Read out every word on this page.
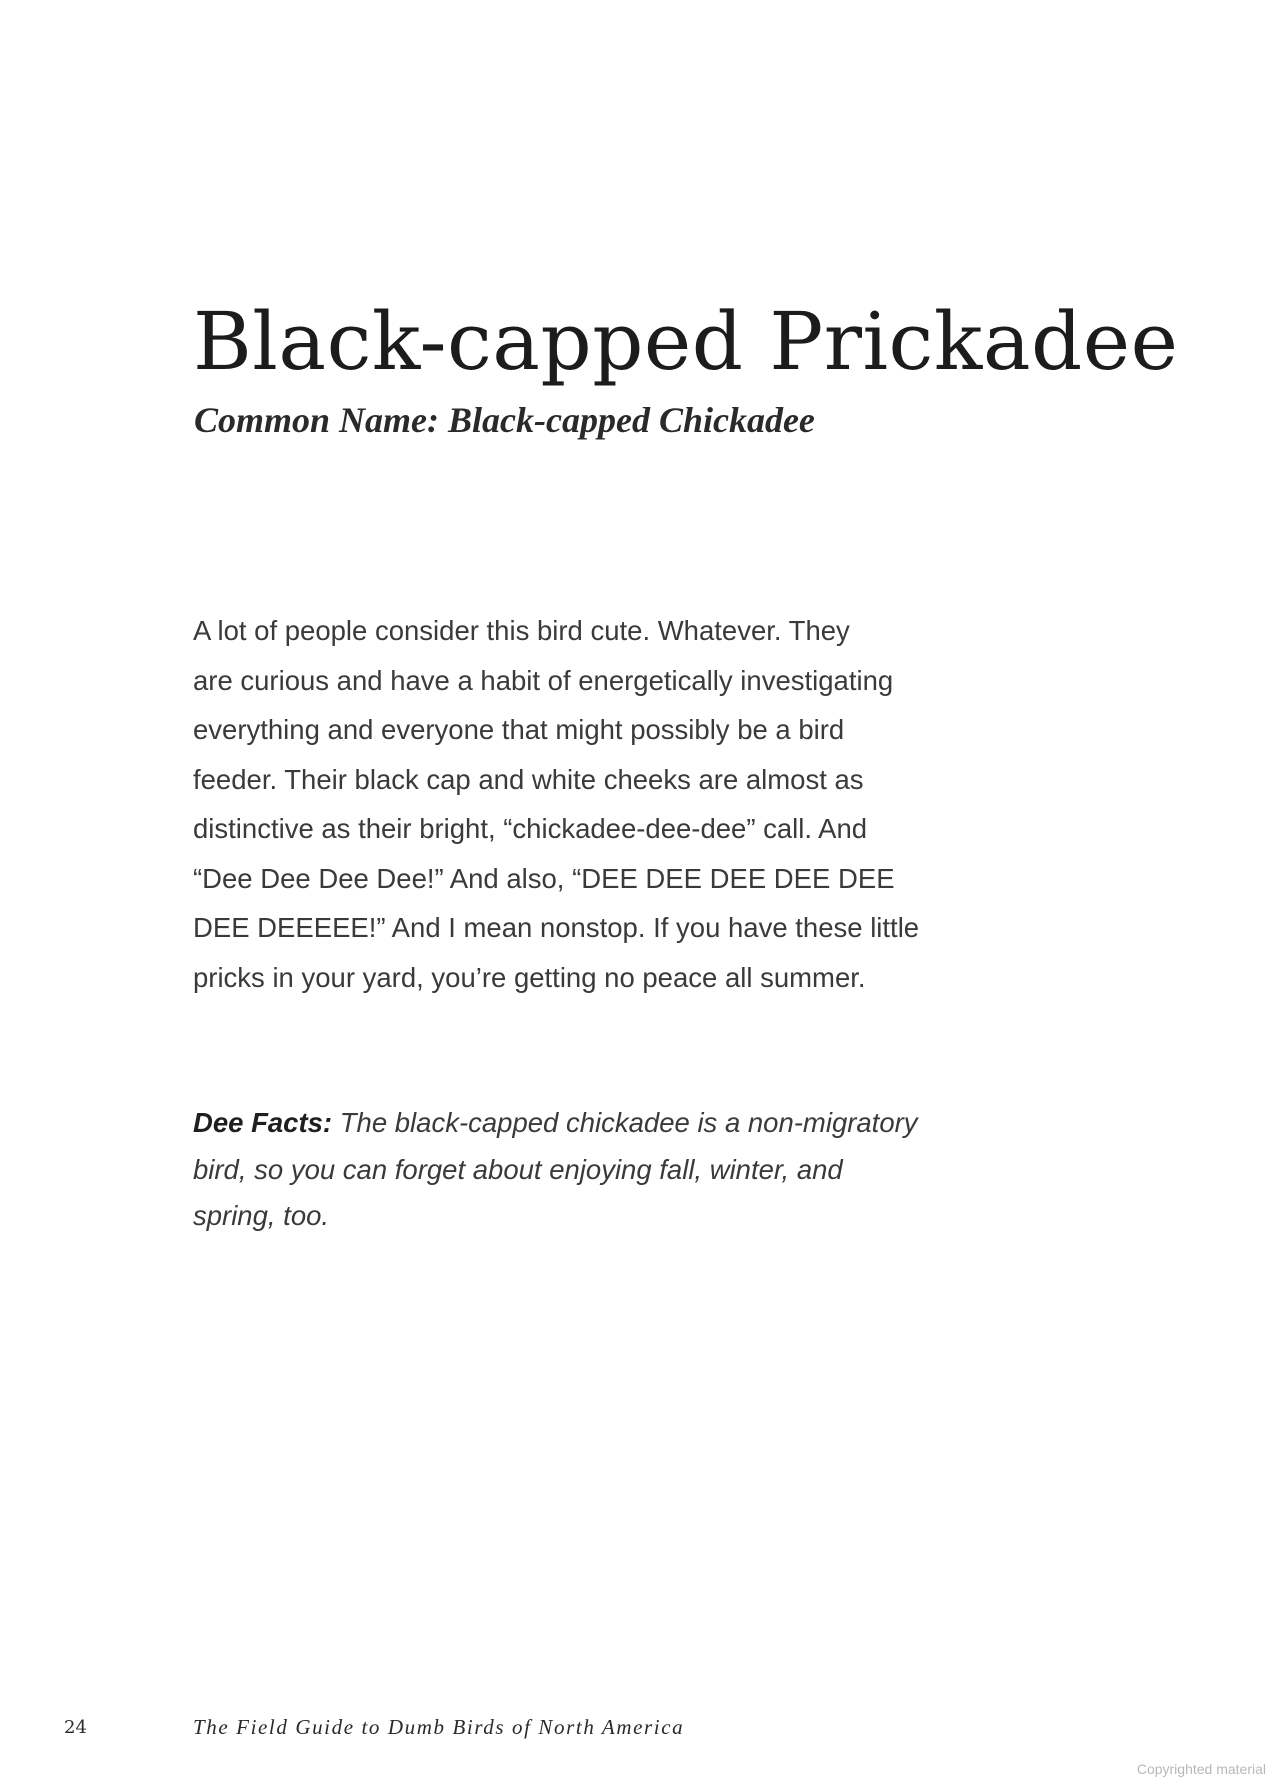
Black-capped Prickadee
Common Name: Black-capped Chickadee
A lot of people consider this bird cute. Whatever. They
are curious and have a habit of energetically investigating
everything and everyone that might possibly be a bird
feeder. Their black cap and white cheeks are almost as
distinctive as their bright, “chickadee-dee-dee” call. And
“Dee Dee Dee Dee!” And also, “DEE DEE DEE DEE DEE
DEE DEEEEE!” And I mean nonstop. If you have these little
pricks in your yard, you’re getting no peace all summer.
Dee Facts: The black-capped chickadee is a non-migratory
bird, so you can forget about enjoying fall, winter, and
spring, too.
24	The Field Guide to Dumb Birds of North America
Copyrighted material
